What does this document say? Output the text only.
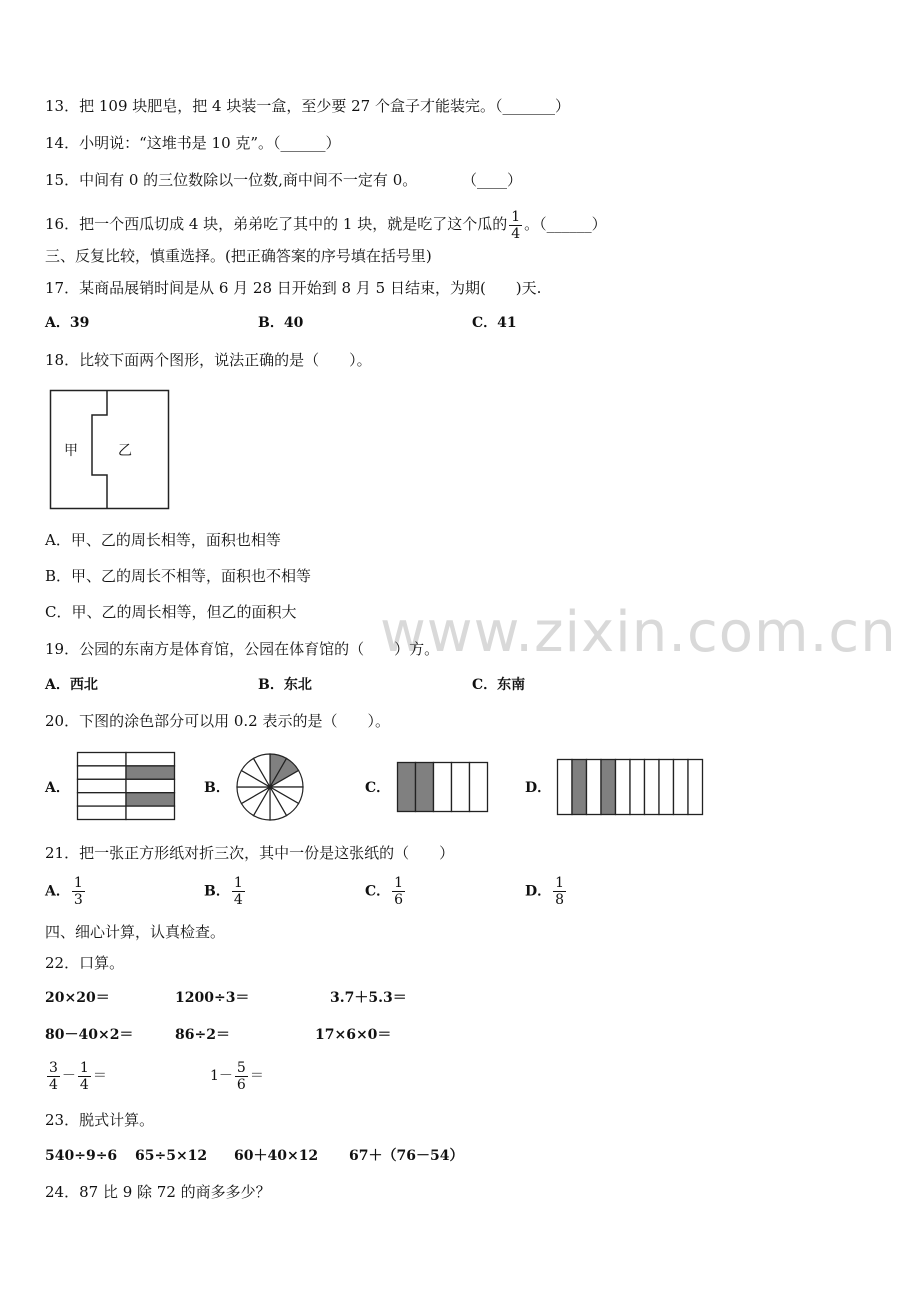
www.zixin.com.cn
13．把 109 块肥皂，把 4 块装一盒，至少要 27 个盒子才能装完。（_______）
14．小明说：“这堆书是 10 克”。（______）
15．中间有 0 的三位数除以一位数,商中间不一定有 0。	（____）
16．把一个西瓜切成 4 块，弟弟吃了其中的 1 块，就是吃了这个瓜的 $\frac{1}{4}$ 。（______）
三、反复比较，慎重选择。(把正确答案的序号填在括号里)
17．某商品展销时间是从 6 月 28 日开始到 8 月 5 日结束，为期(　　)天.
A．39	B．40	C．41
18．比较下面两个图形，说法正确的是（　　）。
甲	乙
A．甲、乙的周长相等，面积也相等
B．甲、乙的周长不相等，面积也不相等
C．甲、乙的周长相等，但乙的面积大
19．公园的东南方是体育馆，公园在体育馆的（　　）方。
A．西北	B．东北	C．东南
20．下图的涂色部分可以用 0.2 表示的是（　　）。
A．	B．	C．	D．
21．把一张正方形纸对折三次，其中一份是这张纸的（　　）
A． $\frac{1}{3}$	B． $\frac{1}{4}$	C． $\frac{1}{6}$	D． $\frac{1}{8}$
四、细心计算，认真检查。
22．口算。
20×20＝	1200÷3＝	3.7＋5.3＝
80－40×2＝	86÷2＝	17×6×0＝
$\frac{3}{4} - \frac{1}{4}$ ＝	$1- \frac{5}{6}$ ＝
23．脱式计算。
540÷9÷6 65÷5×12 60＋40×12 67＋（76－54）
24．87 比 9 除 72 的商多多少？
